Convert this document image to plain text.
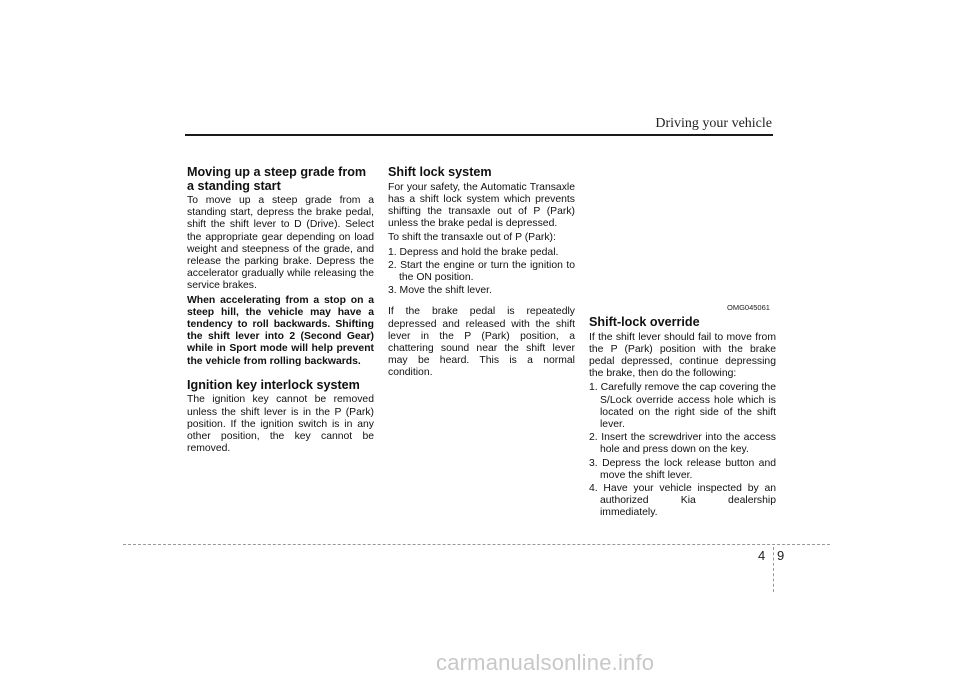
Driving your vehicle
Moving up a steep grade from a standing start

To move up a steep grade from a standing start, depress the brake pedal, shift the shift lever to D (Drive). Select the appropriate gear depending on load weight and steepness of the grade, and release the parking brake. Depress the accelerator gradually while releasing the service brakes.

When accelerating from a stop on a steep hill, the vehicle may have a tendency to roll backwards. Shifting the shift lever into 2 (Second Gear) while in Sport mode will help prevent the vehicle from rolling backwards.

Ignition key interlock system

The ignition key cannot be removed unless the shift lever is in the P (Park) position. If the ignition switch is in any other position, the key cannot be removed.

Shift lock system

For your safety, the Automatic Transaxle has a shift lock system which prevents shifting the transaxle out of P (Park) unless the brake pedal is depressed.

To shift the transaxle out of P (Park):

1. Depress and hold the brake pedal.
2. Start the engine or turn the ignition to the ON position.
3. Move the shift lever.

If the brake pedal is repeatedly depressed and released with the shift lever in the P (Park) position, a chattering sound near the shift lever may be heard. This is a normal condition.

OMG045061
Shift-lock override

If the shift lever should fail to move from the P (Park) position with the brake pedal depressed, continue depressing the brake, then do the following:

1. Carefully remove the cap covering the S/Lock override access hole which is located on the right side of the shift lever.
2. Insert the screwdriver into the access hole and press down on the key.
3. Depress the lock release button and move the shift lever.
4. Have your vehicle inspected by an authorized Kia dealership immediately.
4 9
carmanualsonline.info
